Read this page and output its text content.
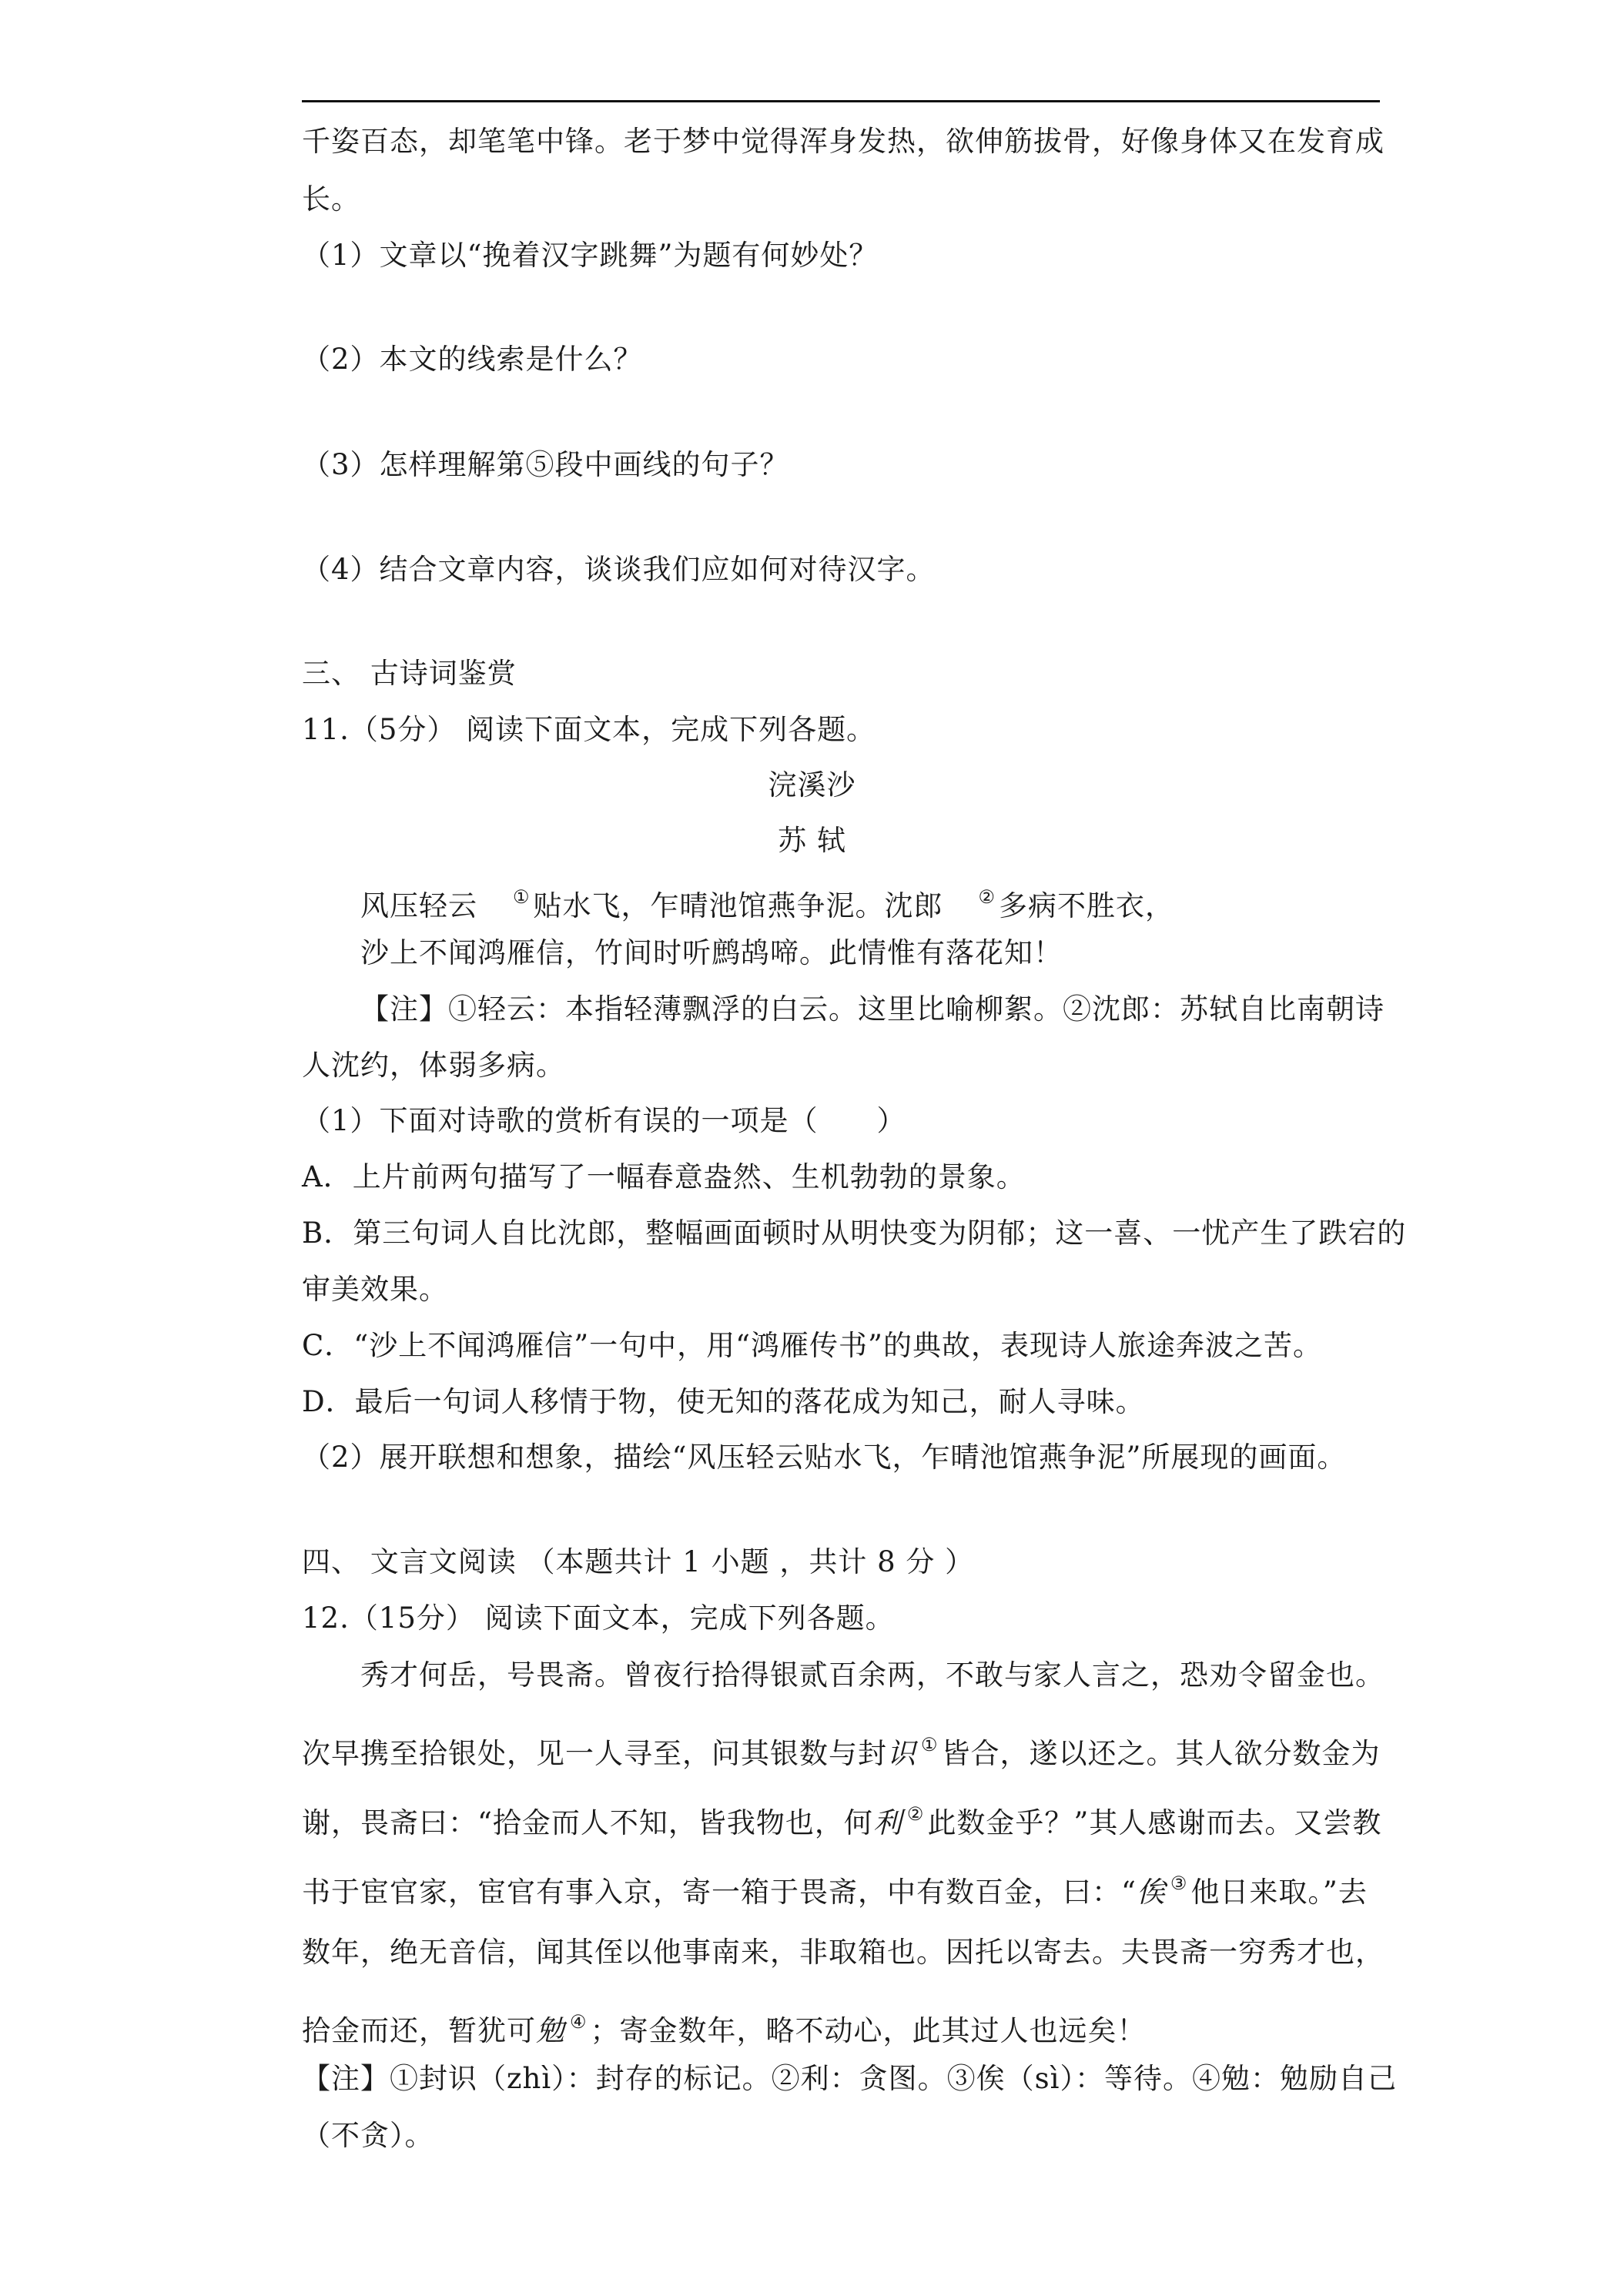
千姿百态，却笔笔中锋。老于梦中觉得浑身发热，欲伸筋拔骨，好像身体又在发育成
长。
（1）文章以“挽着汉字跳舞”为题有何妙处？
（2）本文的线索是什么？
（3）怎样理解第⑤段中画线的句子？
（4）结合文章内容，谈谈我们应如何对待汉字。
三、 古诗词鉴赏
11.（5分） 阅读下面文本，完成下列各题。
浣溪沙
苏 轼
风压轻云 ① 贴水飞，乍晴池馆燕争泥。沈郎 ② 多病不胜衣，
沙上不闻鸿雁信，竹间时听鹧鸪啼。此情惟有落花知！
【注】①轻云：本指轻薄飘浮的白云。这里比喻柳絮。②沈郎：苏轼自比南朝诗
人沈约，体弱多病。
（1）下面对诗歌的赏析有误的一项是（　　）
A．上片前两句描写了一幅春意盎然、生机勃勃的景象。
B．第三句词人自比沈郎，整幅画面顿时从明快变为阴郁；这一喜、一忧产生了跌宕的
审美效果。
C．“沙上不闻鸿雁信”一句中，用“鸿雁传书”的典故，表现诗人旅途奔波之苦。
D．最后一句词人移情于物，使无知的落花成为知己，耐人寻味。
（2）展开联想和想象，描绘“风压轻云贴水飞，乍晴池馆燕争泥”所展现的画面。
四、 文言文阅读 （本题共计 1 小题 ，共计 8 分 ）
12.（15分） 阅读下面文本，完成下列各题。
秀才何岳，号畏斋。曾夜行拾得银贰百余两，不敢与家人言之，恐劝令留金也。
次早携至拾银处，见一人寻至，问其银数与封识 ① 皆合，遂以还之。其人欲分数金为
谢，畏斋曰：“拾金而人不知，皆我物也，何利 ② 此数金乎？”其人感谢而去。又尝教
书于宦官家，宦官有事入京，寄一箱于畏斋，中有数百金，曰：“俟 ③ 他日来取。”去
数年，绝无音信，闻其侄以他事南来，非取箱也。因托以寄去。夫畏斋一穷秀才也，
拾金而还，暂犹可勉 ④ ；寄金数年，略不动心，此其过人也远矣！
【注】①封识（zhì）：封存的标记。②利：贪图。③俟（sì）：等待。④勉：勉励自己
（不贪）。
